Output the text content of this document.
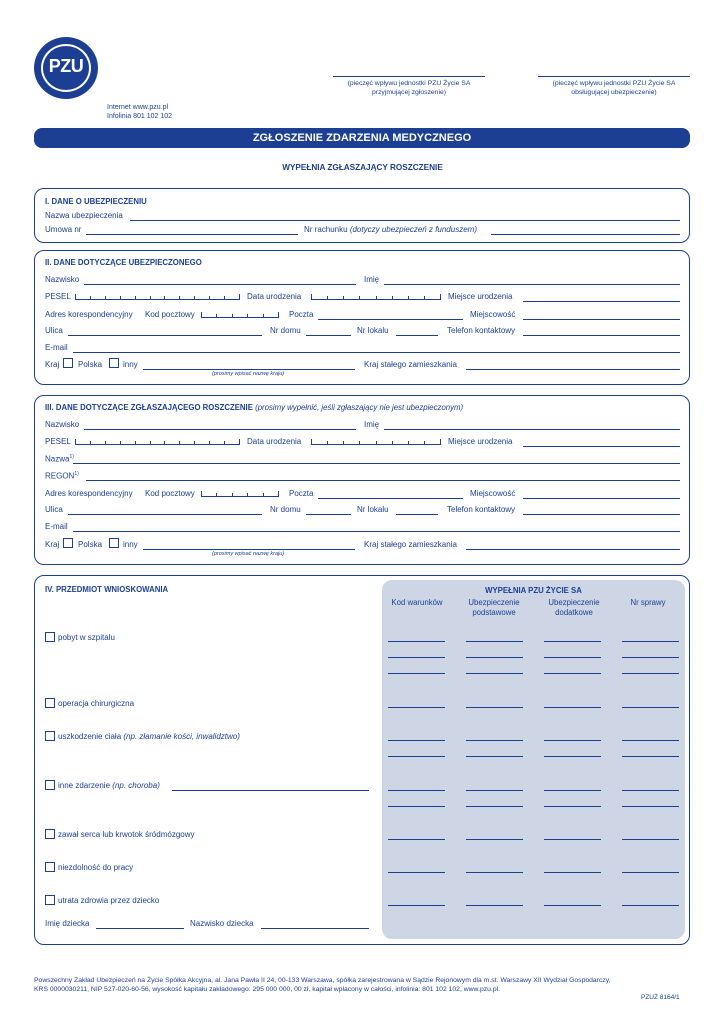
PZU
Internet www.pzu.pl
Infolinia 801 102 102
(pieczęć wpływu jednostki PZU Życie SA
przyjmującej zgłoszenie)
(pieczęć wpływu jednostki PZU Życie SA
obsługującej ubezpieczenie)
ZGŁOSZENIE ZDARZENIA MEDYCZNEGO
WYPEŁNIA ZGŁASZAJĄCY ROSZCZENIE
I. DANE O UBEZPIECZENIU
Nazwa ubezpieczenia
Umowa nr	Nr rachunku (dotyczy ubezpieczeń z funduszem)
II. DANE DOTYCZĄCE UBEZPIECZONEGO
Nazwisko	Imię
PESEL	Data urodzenia	Miejsce urodzenia
Adres korespondencyjny Kod pocztowy	Poczta	Miejscowość
Ulica	Nr domu	Nr lokalu	Telefon kontaktowy
E-mail
Kraj Polska	inny
(prosimy wpisać nazwę kraju)
Kraj stałego zamieszkania
III. DANE DOTYCZĄCE ZGŁASZAJĄCEGO ROSZCZENIE (prosimy wypełnić, jeśli zgłaszający nie jest ubezpieczonym)
Nazwisko	Imię
PESEL	Data urodzenia	Miejsce urodzenia
Nazwa$^{1)}$
REGON$^{1)}$
Adres korespondencyjny Kod pocztowy	Poczta	Miejscowość
Ulica	Nr domu	Nr lokalu	Telefon kontaktowy
E-mail
Kraj Polska	inny
(prosimy wpisać nazwę kraju)
Kraj stałego zamieszkania
IV. PRZEDMIOT WNIOSKOWANIA	WYPEŁNIA PZU ŻYCIE SA
Kod warunków	Ubezpieczenie
podstawowe
Ubezpieczenie
dodatkowe
Nr sprawy
pobyt w szpitalu
operacja chirurgiczna
uszkodzenie ciała (np. złamanie kości, inwalidztwo)
inne zdarzenie (np. choroba)
zawał serca lub krwotok śródmózgowy
niezdolność do pracy
utrata zdrowia przez dziecko
Imię dziecka	Nazwisko dziecka
Powszechny Zakład Ubezpieczeń na Życie Spółka Akcyjna, al. Jana Pawła II 24, 00-133 Warszawa, spółka zarejestrowana w Sądzie Rejonowym dla m.st. Warszawy XII Wydział Gospodarczy,
KRS 0000030211, NIP 527-020-60-56, wysokość kapitału zakładowego: 295 000 000, 00 zł, kapitał wpłacony w całości, infolinia: 801 102 102, www.pzu.pl.
PZUŻ 8164/1
